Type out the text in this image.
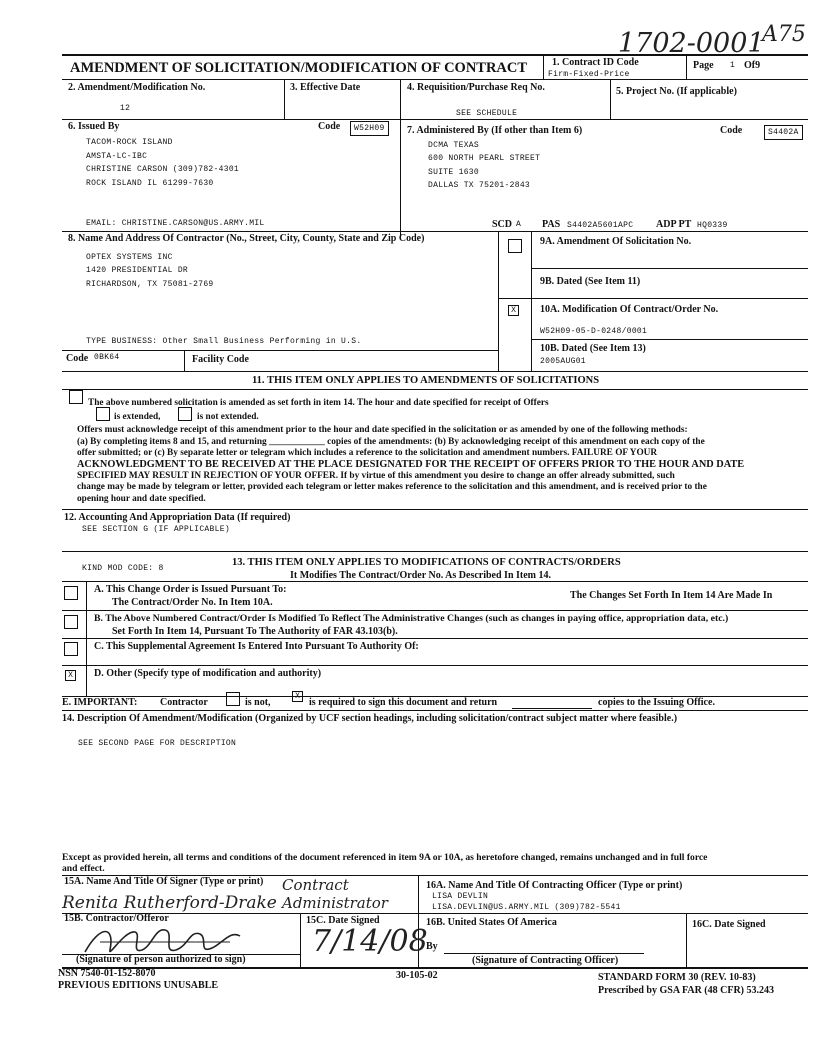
1702-0001
A75
AMENDMENT OF SOLICITATION/MODIFICATION OF CONTRACT 1. Contract ID Code
Firm-Fixed-Price
Page 1 Of9
2. Amendment/Modification No.
12
3. Effective Date	4. Requisition/Purchase Req No.
SEE SCHEDULE
5. Project No. (If applicable)
6. Issued By	Code	W52H09
TACOM-ROCK ISLAND
AMSTA-LC-IBC
CHRISTINE CARSON (309)782-4301
ROCK ISLAND IL 61299-7630
EMAIL: CHRISTINE.CARSON@US.ARMY.MIL
7. Administered By (If other than Item 6)	Code	S4402A
DCMA TEXAS
600 NORTH PEARL STREET
SUITE 1630
DALLAS TX 75201-2843
SCD A PAS S4402A5601APC ADP PT HQ0339
8. Name And Address Of Contractor (No., Street, City, County, State and Zip Code)
OPTEX SYSTEMS INC
1420 PRESIDENTIAL DR
RICHARDSON, TX 75081-2769
TYPE BUSINESS: Other Small Business Performing in U.S.
9A. Amendment Of Solicitation No.
9B. Dated (See Item 11)
X	10A. Modification Of Contract/Order No.
W52H09-05-D-0248/0001
10B. Dated (See Item 13)
2005AUG01
Code 0BK64	Facility Code
11. THIS ITEM ONLY APPLIES TO AMENDMENTS OF SOLICITATIONS
The above numbered solicitation is amended as set forth in item 14. The hour and date specified for receipt of Offers
is extended,	is not extended.
Offers must acknowledge receipt of this amendment prior to the hour and date specified in the solicitation or as amended by one of the following methods:
(a) By completing items 8 and 15, and returning ____________ copies of the amendments: (b) By acknowledging receipt of this amendment on each copy of the
offer submitted; or (c) By separate letter or telegram which includes a reference to the solicitation and amendment numbers. FAILURE OF YOUR
ACKNOWLEDGMENT TO BE RECEIVED AT THE PLACE DESIGNATED FOR THE RECEIPT OF OFFERS PRIOR TO THE HOUR AND DATE
SPECIFIED MAY RESULT IN REJECTION OF YOUR OFFER. If by virtue of this amendment you desire to change an offer already submitted, such
change may be made by telegram or letter, provided each telegram or letter makes reference to the solicitation and this amendment, and is received prior to the
opening hour and date specified.
12. Accounting And Appropriation Data (If required)
SEE SECTION G (IF APPLICABLE)
KIND MOD CODE: 8
13. THIS ITEM ONLY APPLIES TO MODIFICATIONS OF CONTRACTS/ORDERS
It Modifies The Contract/Order No. As Described In Item 14.
A. This Change Order is Issued Pursuant To:
The Changes Set Forth In Item 14 Are Made In
The Contract/Order No. In Item 10A.
B. The Above Numbered Contract/Order Is Modified To Reflect The Administrative Changes (such as changes in paying office, appropriation data, etc.)
Set Forth In Item 14, Pursuant To The Authority of FAR 43.103(b).
C. This Supplemental Agreement Is Entered Into Pursuant To Authority Of:
X	D. Other (Specify type of modification and authority)
E. IMPORTANT: Contractor	is not,
X
is required to sign this document and return	copies to the Issuing Office.
14. Description Of Amendment/Modification (Organized by UCF section headings, including solicitation/contract subject matter where feasible.)
SEE SECOND PAGE FOR DESCRIPTION
Except as provided herein, all terms and conditions of the document referenced in item 9A or 10A, as heretofore changed, remains unchanged and in full force
and effect.
15A. Name And Title Of Signer (Type or print)
Renita Rutherford-Drake
Contract Administrator
16A. Name And Title Of Contracting Officer (Type or print)
LISA DEVLIN
LISA.DEVLIN@US.ARMY.MIL (309)782-5541
15B. Contractor/Offeror	15C. Date Signed
7/14/08
16B. United States Of America	16C. Date Signed
By
(Signature of person authorized to sign)	(Signature of Contracting Officer)
NSN 7540-01-152-8070
PREVIOUS EDITIONS UNUSABLE
30-105-02	STANDARD FORM 30 (REV. 10-83)
Prescribed by GSA FAR (48 CFR) 53.243
